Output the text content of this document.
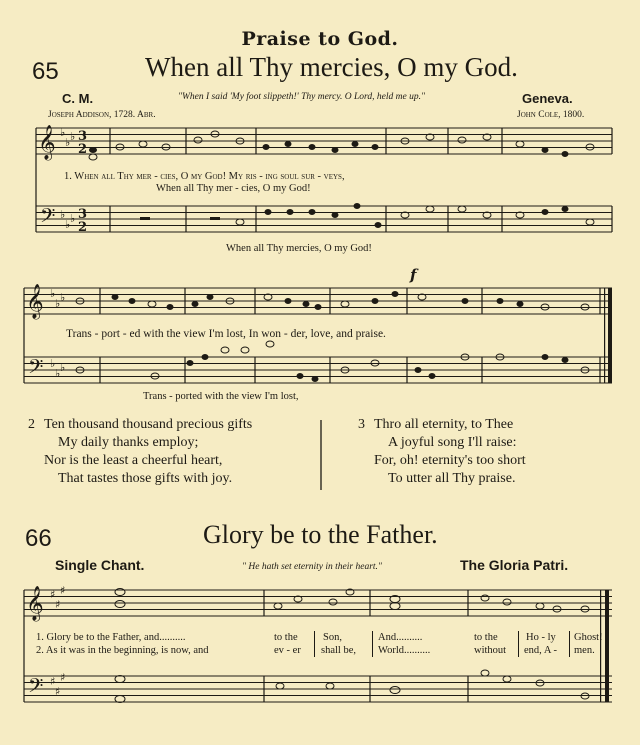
Praise to God.
65	When all Thy mercies, O my God.
C. M.	"When I said 'My foot slippeth!' Thy mercy. O Lord, held me up."	Geneva.
Joseph Addison, 1728. Abr.	John Cole, 1800.
𝄞
𝄢
𝄞
𝄢
𝄞
𝄢
♭
♭ ♭
♭
♭ ♭
♭
♭ ♭
♭
♭ ♭
♯
♯
♯
♯
♯
♯
3
2
3
2
1. When all Thy mer - cies, O my God! My ris - ing soul sur - veys,
When all Thy mer - cies, O my God!
When all Thy mercies, O my God!
f
Trans - port - ed with the view I'm lost, In won - der, love, and praise.
Trans - ported with the view I'm lost,
2 Ten thousand thousand precious gifts
My daily thanks employ;
Nor is the least a cheerful heart,
That tastes those gifts with joy.
3 Thro all eternity, to Thee
A joyful song I'll raise:
For, oh! eternity's too short
To utter all Thy praise.
66	Glory be to the Father.
Single Chant.	" He hath set eternity in their heart."	The Gloria Patri.
1. Glory be to the Father, and..........	to the Son,	And..........	to the	Ho - ly Ghost!
2. As it was in the beginning, is now, and	ev - er shall be, World..........	without end, A - men.
